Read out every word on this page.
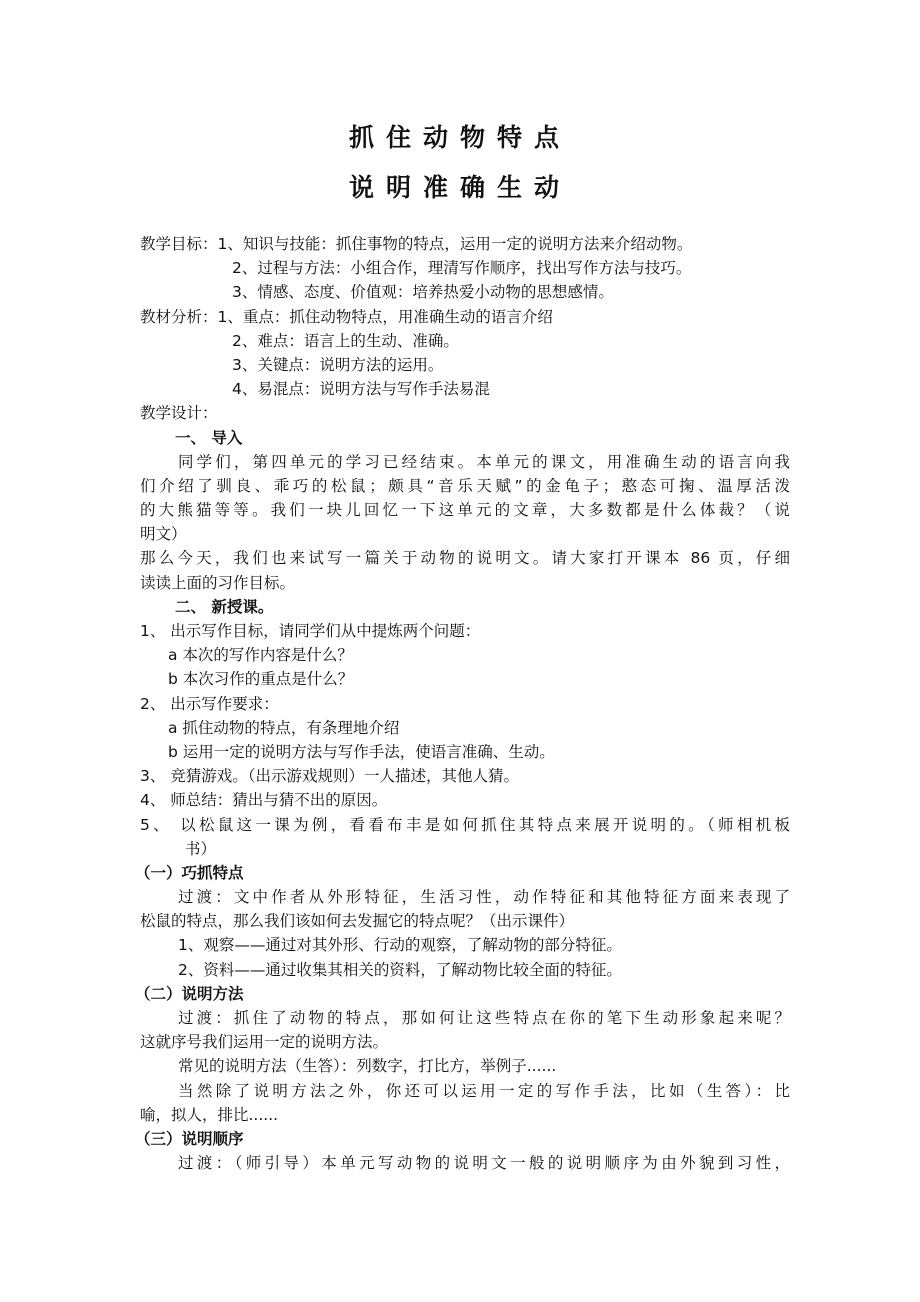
www.zixin.com.cn
抓住动物特点
说明准确生动
教学目标：1、知识与技能：抓住事物的特点，运用一定的说明方法来介绍动物。
2、过程与方法：小组合作，理清写作顺序，找出写作方法与技巧。
3、情感、态度、价值观：培养热爱小动物的思想感情。
教材分析：1、重点：抓住动物特点，用准确生动的语言介绍
2、难点：语言上的生动、准确。
3、关键点：说明方法的运用。
4、易混点：说明方法与写作手法易混
教学设计：
一、 导入
同学们，第四单元的学习已经结束。本单元的课文，用准确生动的语言向我
们介绍了驯良、乖巧的松鼠；颇具“音乐天赋”的金龟子；憨态可掬、温厚活泼
的大熊猫等等。我们一块儿回忆一下这单元的文章，大多数都是什么体裁？（说
明文）
那么今天，我们也来试写一篇关于动物的说明文。请大家打开课本 86 页，仔细
读读上面的习作目标。
二、 新授课。
1、 出示写作目标，请同学们从中提炼两个问题：
a 本次的写作内容是什么？
b 本次习作的重点是什么？
2、 出示写作要求：
a 抓住动物的特点，有条理地介绍
b 运用一定的说明方法与写作手法，使语言准确、生动。
3、 竞猜游戏。（出示游戏规则）一人描述，其他人猜。
4、 师总结：猜出与猜不出的原因。
5、 以松鼠这一课为例，看看布丰是如何抓住其特点来展开说明的。（师相机板
书）
（一）巧抓特点
过渡：文中作者从外形特征，生活习性，动作特征和其他特征方面来表现了
松鼠的特点，那么我们该如何去发掘它的特点呢？（出示课件）
1、观察——通过对其外形、行动的观察，了解动物的部分特征。
2、资料——通过收集其相关的资料，了解动物比较全面的特征。
（二）说明方法
过渡：抓住了动物的特点，那如何让这些特点在你的笔下生动形象起来呢？
这就序号我们运用一定的说明方法。
常见的说明方法（生答）：列数字，打比方，举例子......
当然除了说明方法之外，你还可以运用一定的写作手法，比如（生答）：比
喻，拟人，排比......
（三）说明顺序
过渡：（师引导）本单元写动物的说明文一般的说明顺序为由外貌到习性，
